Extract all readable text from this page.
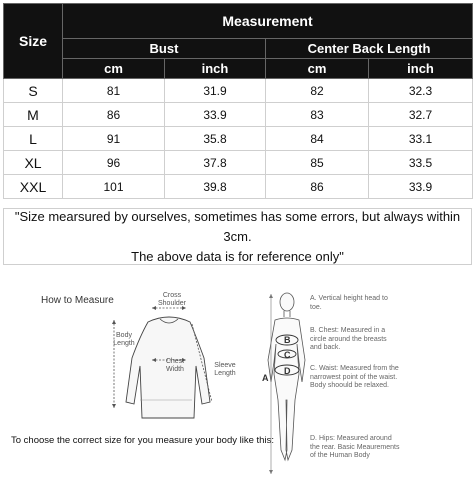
Size	Measurement			
	Bust		Center Back Length	
	cm	inch	cm	inch
S	81	31.9	82	32.3
M	86	33.9	83	32.7
L	91	35.8	84	33.1
XL	96	37.8	85	33.5
XXL	101	39.8	86	33.9
"Size mearsured by ourselves, sometimes has some errors, but always within 3cm.
The above data is for reference only"
How to Measure	Cross Shoulder
Body Length
Chest Width
Sleeve Length
To choose the correct size for you measure your body like this:
A
B
C
D
A. Vertical height head to toe.
B. Chest: Measured in a circle around the breasts and back.
C. Waist: Measured from the narrowest point of the waist. Body shoould be relaxed.
D. Hips: Measured around the rear. Basic Meaurements of the Human Body
